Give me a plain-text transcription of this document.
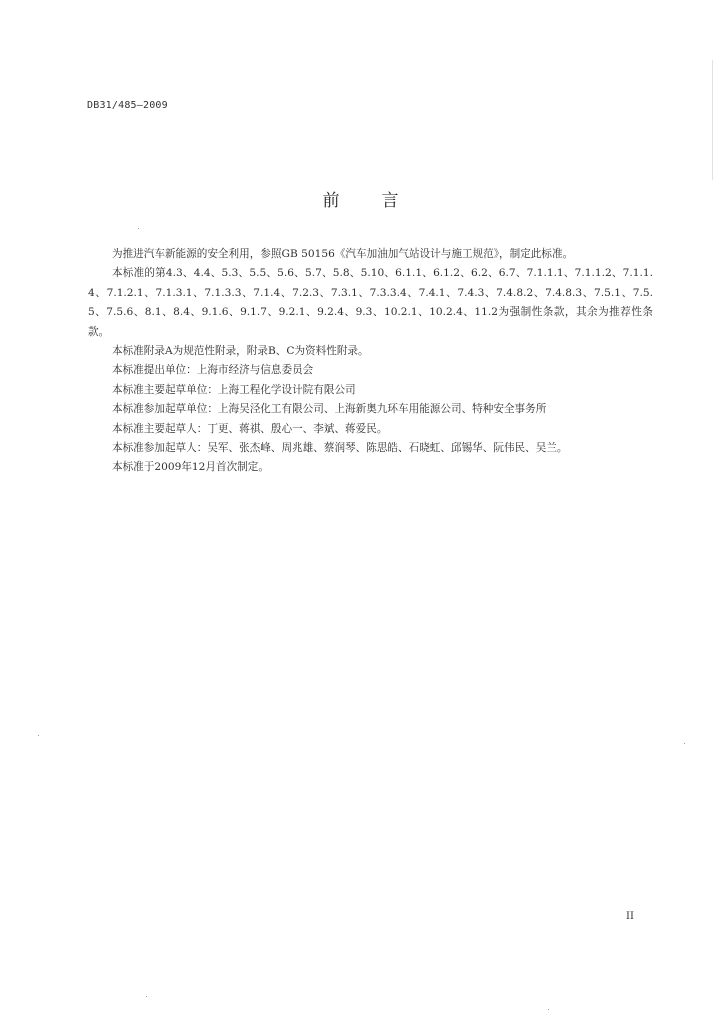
DB31/485—2009
前言

为推进汽车新能源的安全利用，参照GB 50156《汽车加油加气站设计与施工规范》，制定此标准。

本标准的第4.3、4.4、5.3、5.5、5.6、5.7、5.8、5.10、6.1.1、6.1.2、6.2、6.7、7.1.1.1、7.1.1.2、7.1.1.4、7.1.2.1、7.1.3.1、7.1.3.3、7.1.4、7.2.3、7.3.1、7.3.3.4、7.4.1、7.4.3、7.4.8.2、7.4.8.3、7.5.1、7.5.5、7.5.6、8.1、8.4、9.1.6、9.1.7、9.2.1、9.2.4、9.3、10.2.1、10.2.4、11.2为强制性条款，其余为推荐性条款。

本标准附录A为规范性附录，附录B、C为资料性附录。

本标准提出单位：上海市经济与信息委员会

本标准主要起草单位：上海工程化学设计院有限公司

本标准参加起草单位：上海吴泾化工有限公司、上海新奥九环车用能源公司、特种安全事务所

本标准主要起草人：丁更、蒋祺、殷心一、李斌、蒋爱民。

本标准参加起草人：吴军、张杰峰、周兆雄、蔡润琴、陈思皓、石晓虹、邱锡华、阮伟民、吴兰。

本标准于2009年12月首次制定。

II
